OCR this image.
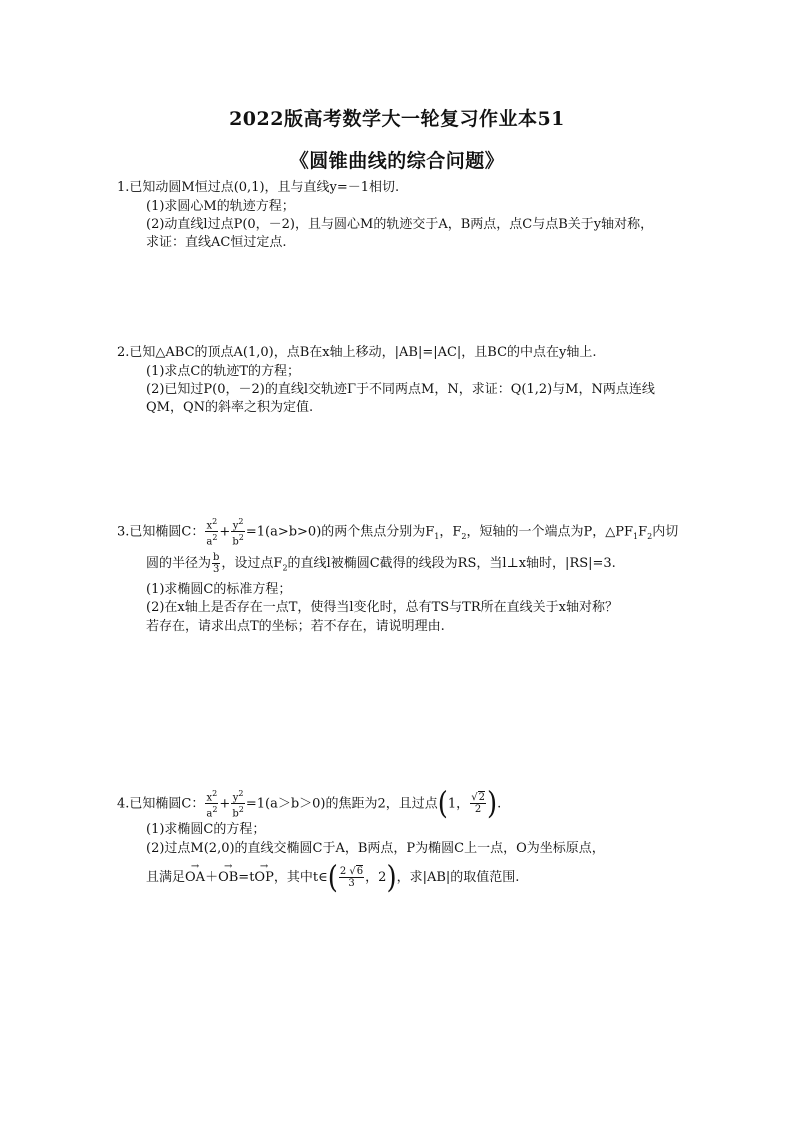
2022版高考数学大一轮复习作业本51
《圆锥曲线的综合问题》
1.已知动圆M恒过点(0,1)，且与直线y=－1相切.
(1)求圆心M的轨迹方程；
(2)动直线l过点P(0，－2)，且与圆心M的轨迹交于A，B两点，点C与点B关于y轴对称，
求证：直线AC恒过定点.
2.已知△ABC的顶点A(1,0)，点B在x轴上移动，|AB|=|AC|，且BC的中点在y轴上.
(1)求点C的轨迹T的方程；
(2)已知过P(0，－2)的直线l交轨迹Γ于不同两点M，N，求证：Q(1,2)与M，N两点连线
QM，QN的斜率之积为定值.
3.已知椭圆C： $\frac{x^2}{a^2} + \frac{y^2}{b^2} =1(a>b>0)$的两个焦点分别为$F_1$，$F_2$，短轴的一个端点为P，$\triangle PF_1F_2$内切
圆的半径为 $\frac{b}{3}$ ，设过点$F_2$的直线l被椭圆C截得的线段为RS，当l⊥x轴时，|RS|=3.
(1)求椭圆C的标准方程；
(2)在x轴上是否存在一点T，使得当l变化时，总有TS与TR所在直线关于x轴对称？
若存在，请求出点T的坐标；若不存在，请说明理由.
4.已知椭圆C： $\frac{x^2}{a^2} + \frac{y^2}{b^2} =1(a>b>0)$的焦距为2，且过点(1， $\frac{√2}{2}$ ).
(1)求椭圆C的方程；
(2)过点M(2,0)的直线交椭圆C于A，B两点，P为椭圆C上一点，O为坐标原点，
且满足→ OA＋→ OB=t→ OP，其中t∈( $\frac{2 √6}{3}$ ，2)，求|AB|的取值范围.
